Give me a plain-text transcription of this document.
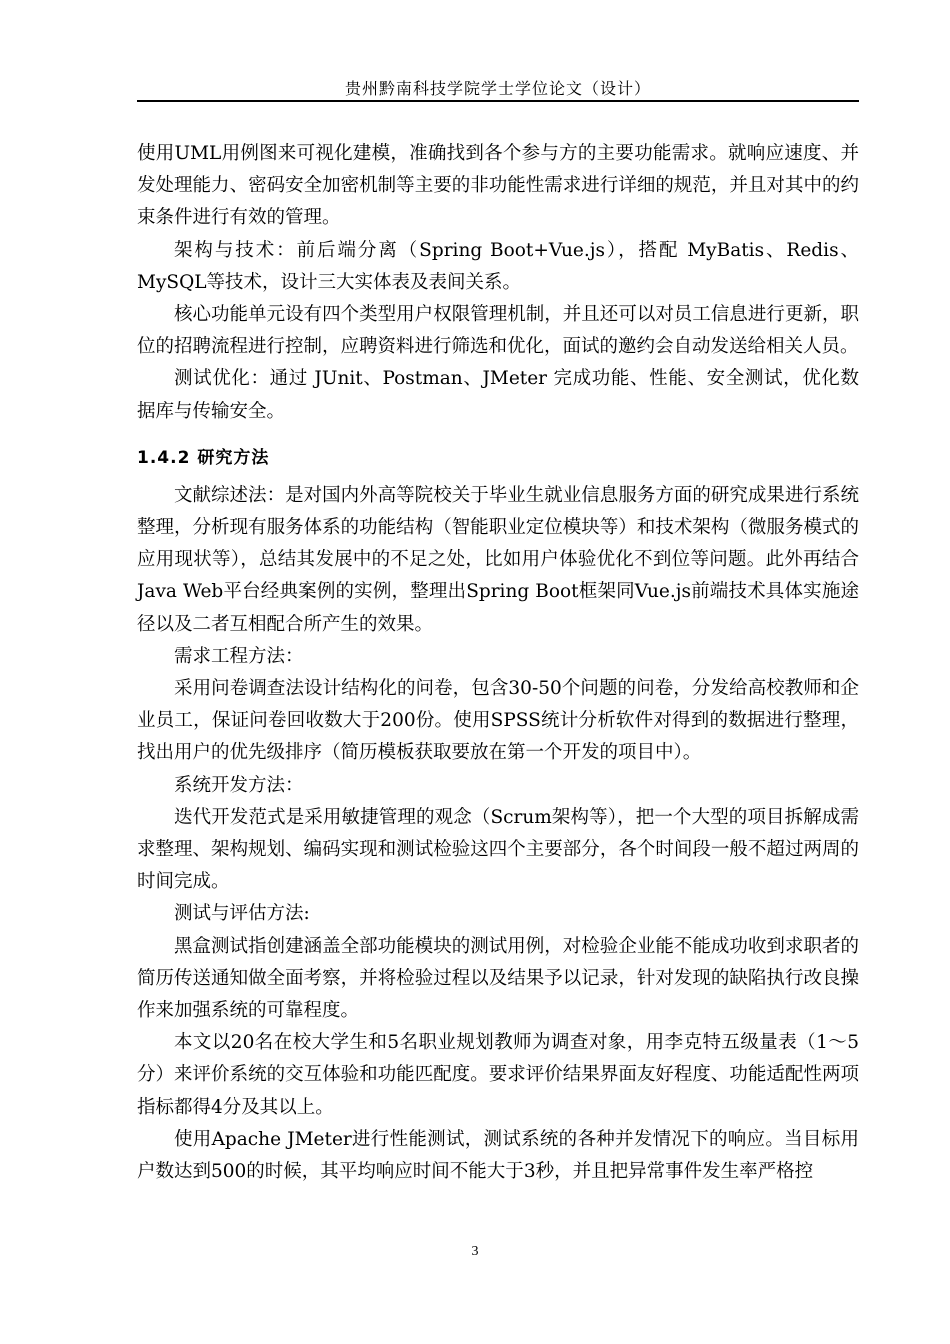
贵州黔南科技学院学士学位论文（设计）

使用UML用例图来可视化建模，准确找到各个参与方的主要功能需求。就响应速度、并发处理能力、密码安全加密机制等主要的非功能性需求进行详细的规范，并且对其中的约束条件进行有效的管理。

架构与技术：前后端分离（Spring Boot+Vue.js），搭配 MyBatis、Redis、MySQL等技术，设计三大实体表及表间关系。

核心功能单元设有四个类型用户权限管理机制，并且还可以对员工信息进行更新，职位的招聘流程进行控制，应聘资料进行筛选和优化，面试的邀约会自动发送给相关人员。

测试优化：通过 JUnit、Postman、JMeter 完成功能、性能、安全测试，优化数据库与传输安全。

1.4.2 研究方法

文献综述法：是对国内外高等院校关于毕业生就业信息服务方面的研究成果进行系统整理，分析现有服务体系的功能结构（智能职业定位模块等）和技术架构（微服务模式的应用现状等），总结其发展中的不足之处，比如用户体验优化不到位等问题。此外再结合Java Web平台经典案例的实例，整理出Spring Boot框架同Vue.js前端技术具体实施途径以及二者互相配合所产生的效果。

需求工程方法：

采用问卷调查法设计结构化的问卷，包含30-50个问题的问卷，分发给高校教师和企业员工，保证问卷回收数大于200份。使用SPSS统计分析软件对得到的数据进行整理，找出用户的优先级排序（简历模板获取要放在第一个开发的项目中）。

系统开发方法：

迭代开发范式是采用敏捷管理的观念（Scrum架构等），把一个大型的项目拆解成需求整理、架构规划、编码实现和测试检验这四个主要部分，各个时间段一般不超过两周的时间完成。

测试与评估方法:

黑盒测试指创建涵盖全部功能模块的测试用例，对检验企业能不能成功收到求职者的简历传送通知做全面考察，并将检验过程以及结果予以记录，针对发现的缺陷执行改良操作来加强系统的可靠程度。

本文以20名在校大学生和5名职业规划教师为调查对象，用李克特五级量表（1～5分）来评价系统的交互体验和功能匹配度。要求评价结果界面友好程度、功能适配性两项指标都得4分及其以上。

使用Apache JMeter进行性能测试，测试系统的各种并发情况下的响应。当目标用户数达到500的时候，其平均响应时间不能大于3秒，并且把异常事件发生率严格控

3
